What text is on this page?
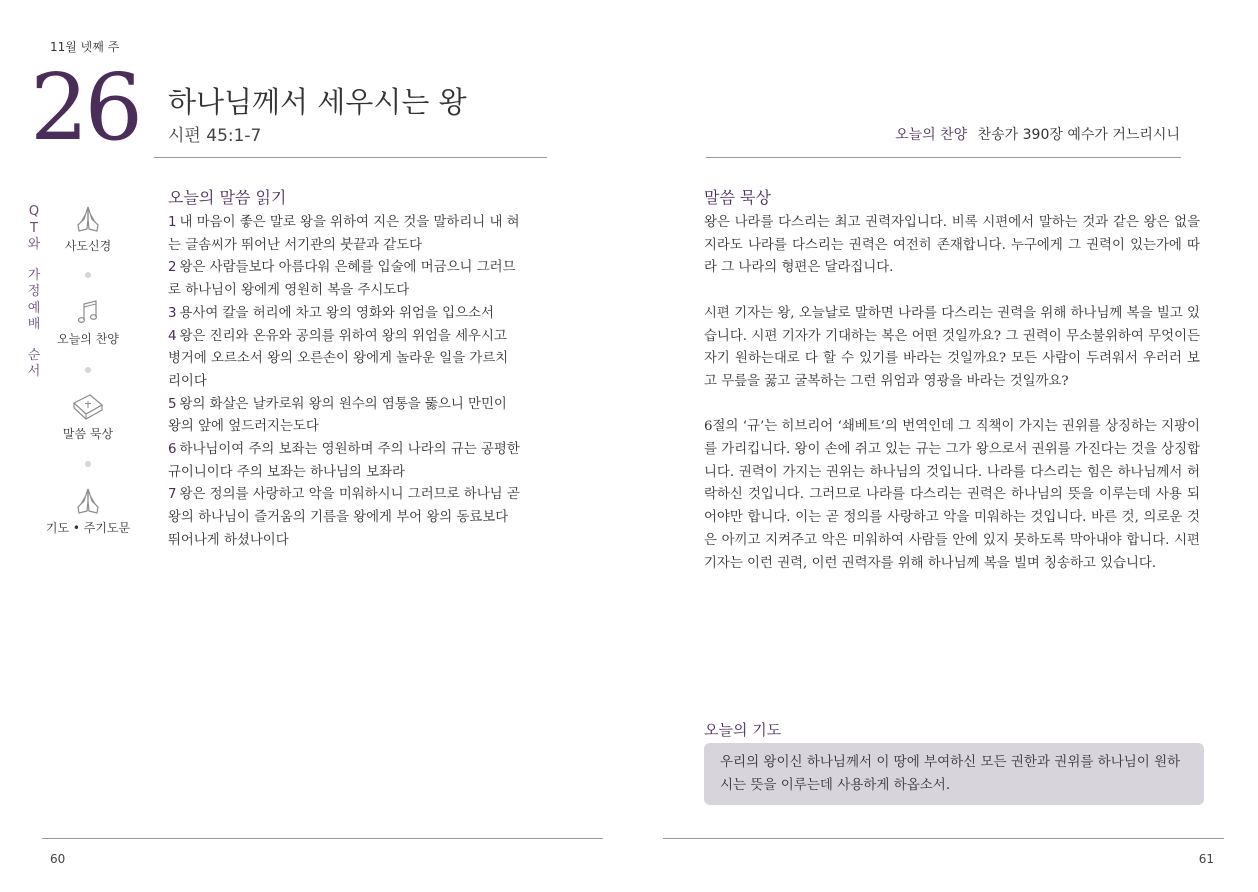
11월 넷째 주
26 하나님께서 세우시는 왕
시편 45:1-7	오늘의 찬양 찬송가 390장 예수가 거느리시니
Q
T
와
가
정
예
배
순
서
사도신경
오늘의 찬양
말씀 묵상
기도 • 주기도문
오늘의 말씀 읽기
1 내 마음이 좋은 말로 왕을 위하여 지은 것을 말하리니 내 혀
는 글솜씨가 뛰어난 서기관의 붓끝과 같도다
2 왕은 사람들보다 아름다워 은혜를 입술에 머금으니 그러므
로 하나님이 왕에게 영원히 복을 주시도다
3 용사여 칼을 허리에 차고 왕의 영화와 위엄을 입으소서
4 왕은 진리와 온유와 공의를 위하여 왕의 위엄을 세우시고
병거에 오르소서 왕의 오른손이 왕에게 놀라운 일을 가르치
리이다
5 왕의 화살은 날카로워 왕의 원수의 염통을 뚫으니 만민이
왕의 앞에 엎드러지는도다
6 하나님이여 주의 보좌는 영원하며 주의 나라의 규는 공평한
규이니이다 주의 보좌는 하나님의 보좌라
7 왕은 정의를 사랑하고 악을 미워하시니 그러므로 하나님 곧
왕의 하나님이 즐거움의 기름을 왕에게 부어 왕의 동료보다
뛰어나게 하셨나이다
말씀 묵상

왕은 나라를 다스리는 최고 권력자입니다. 비록 시편에서 말하는 것과 같은 왕은 없을 지라도 나라를 다스리는 권력은 여전히 존재합니다. 누구에게 그 권력이 있는가에 따라 그 나라의 형편은 달라집니다.

시편 기자는 왕, 오늘날로 말하면 나라를 다스리는 권력을 위해 하나님께 복을 빌고 있습니다. 시편 기자가 기대하는 복은 어떤 것일까요? 그 권력이 무소불위하여 무엇이든 자기 원하는대로 다 할 수 있기를 바라는 것일까요? 모든 사람이 두려워서 우러러 보고 무릎을 꿇고 굴복하는 그런 위엄과 영광을 바라는 것일까요?

6절의 ‘규’는 히브리어 ‘쇄베트’의 번역인데 그 직책이 가지는 권위를 상징하는 지팡이를 가리킵니다. 왕이 손에 쥐고 있는 규는 그가 왕으로서 권위를 가진다는 것을 상징합니다. 권력이 가지는 권위는 하나님의 것입니다. 나라를 다스리는 힘은 하나님께서 허락하신 것입니다. 그러므로 나라를 다스리는 권력은 하나님의 뜻을 이루는데 사용 되어야만 합니다. 이는 곧 정의를 사랑하고 악을 미워하는 것입니다. 바른 것, 의로운 것은 아끼고 지켜주고 악은 미워하여 사람들 안에 있지 못하도록 막아내야 합니다. 시편 기자는 이런 권력, 이런 권력자를 위해 하나님께 복을 빌며 칭송하고 있습니다.

오늘의 기도
우리의 왕이신 하나님께서 이 땅에 부여하신 모든 권한과 권위를 하나님이 원하시는 뜻을 이루는데 사용하게 하옵소서.
60	61
